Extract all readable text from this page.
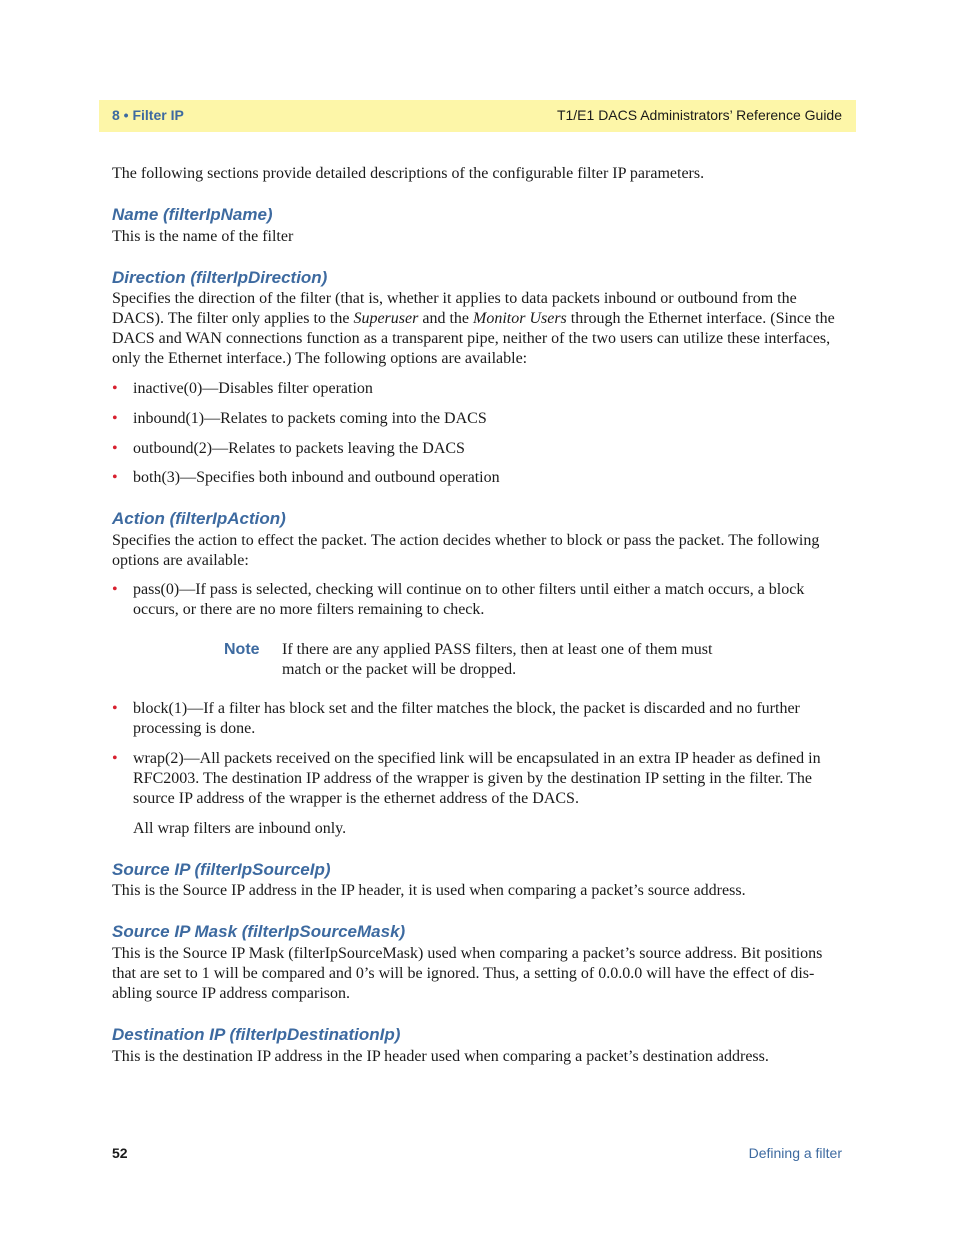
8 • Filter IP	T1/E1 DACS Administrators’ Reference Guide

The following sections provide detailed descriptions of the configurable filter IP parameters.

Name (filterIpName)

This is the name of the filter

Direction (filterIpDirection)

Specifies the direction of the filter (that is, whether it applies to data packets inbound or outbound from the DACS). The filter only applies to the Superuser and the Monitor Users through the Ethernet interface. (Since the DACS and WAN connections function as a transparent pipe, neither of the two users can utilize these interfaces, only the Ethernet interface.) The following options are available:

• inactive(0)—Disables filter operation
• inbound(1)—Relates to packets coming into the DACS
• outbound(2)—Relates to packets leaving the DACS
• both(3)—Specifies both inbound and outbound operation
Action (filterIpAction)

Specifies the action to effect the packet. The action decides whether to block or pass the packet. The following options are available:

• pass(0)—If pass is selected, checking will continue on to other filters until either a match occurs, a block occurs, or there are no more filters remaining to check.
Note If there are any applied PASS filters, then at least one of them must match or the packet will be dropped.
• block(1)—If a filter has block set and the filter matches the block, the packet is discarded and no further processing is done.
• wrap(2)—All packets received on the specified link will be encapsulated in an extra IP header as defined in RFC2003. The destination IP address of the wrapper is given by the destination IP setting in the filter. The source IP address of the wrapper is the ethernet address of the DACS.

All wrap filters are inbound only.

Source IP (filterIpSourceIp)

This is the Source IP address in the IP header, it is used when comparing a packet’s source address.

Source IP Mask (filterIpSourceMask)

This is the Source IP Mask (filterIpSourceMask) used when comparing a packet’s source address. Bit positions that are set to 1 will be compared and 0’s will be ignored. Thus, a setting of 0.0.0.0 will have the effect of dis-abling source IP address comparison.

Destination IP (filterIpDestinationIp)

This is the destination IP address in the IP header used when comparing a packet’s destination address.

52	Defining a filter
